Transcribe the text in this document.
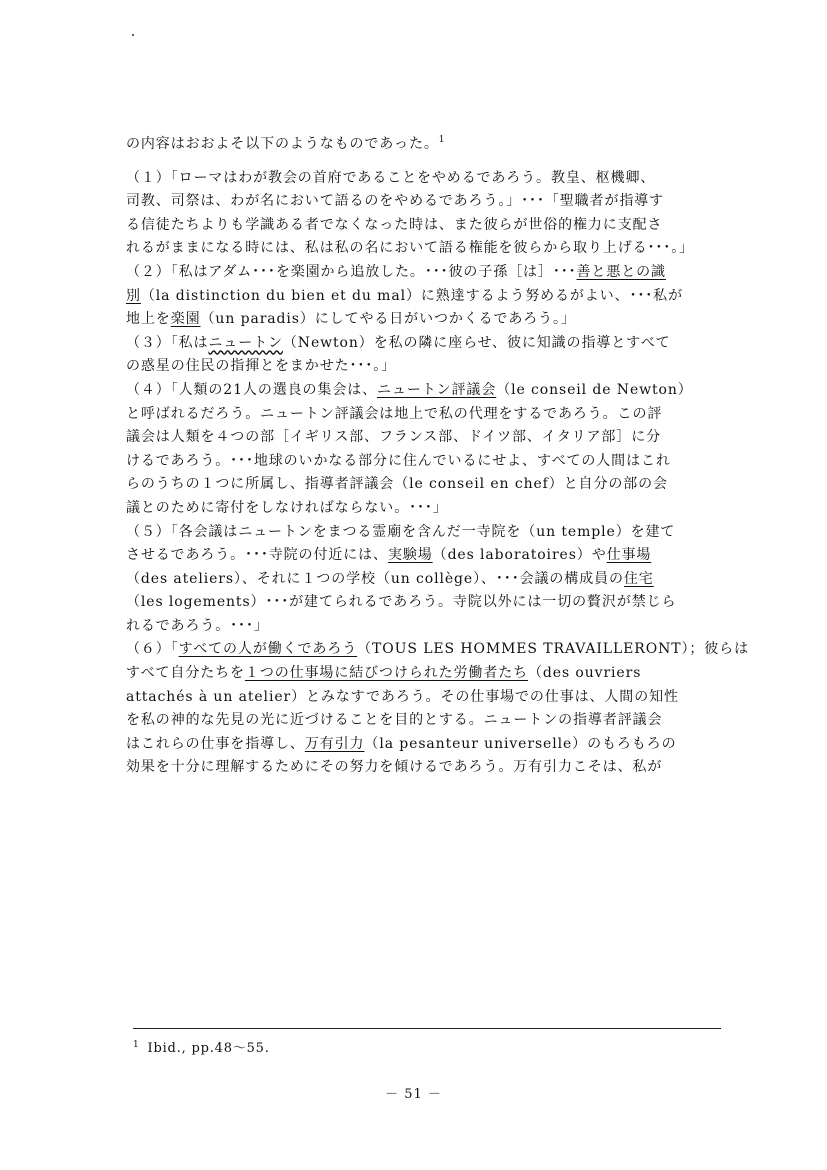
の内容はおおよそ以下のようなものであった。$^1$
（１）「ローマはわが教会の首府であることをやめるであろう。教皇、枢機卿、
司教、司祭は、わが名において語るのをやめるであろう。」･･･「聖職者が指導す
る信徒たちよりも学識ある者でなくなった時は、また彼らが世俗的権力に支配さ
れるがままになる時には、私は私の名において語る権能を彼らから取り上げる･･･。」
（２）「私はアダム･･･を楽園から追放した。･･･彼の子孫［は］･･･善と悪との識
別（la distinction du bien et du mal）に熟達するよう努めるがよい、･･･私が
地上を楽園（un paradis）にしてやる日がいつかくるであろう。」
（３）「私はニュートン（Newton）を私の隣に座らせ、彼に知識の指導とすべて
の惑星の住民の指揮とをまかせた･･･。」
（４）「人類の21人の選良の集会は、ニュートン評議会（le conseil de Newton）
と呼ばれるだろう。ニュートン評議会は地上で私の代理をするであろう。この評
議会は人類を４つの部［イギリス部、フランス部、ドイツ部、イタリア部］に分
けるであろう。･･･地球のいかなる部分に住んでいるにせよ、すべての人間はこれ
らのうちの１つに所属し、指導者評議会（le conseil en chef）と自分の部の会
議とのために寄付をしなければならない。･･･」
（５）「各会議はニュートンをまつる霊廟を含んだ一寺院を（un temple）を建て
させるであろう。･･･寺院の付近には、実験場（des laboratoires）や仕事場
（des ateliers）、それに１つの学校（un collège）、･･･会議の構成員の住宅
（les logements）･･･が建てられるであろう。寺院以外には一切の贅沢が禁じら
れるであろう。･･･」
（６）「すべての人が働くであろう（TOUS LES HOMMES TRAVAILLERONT）；彼らは
すべて自分たちを１つの仕事場に結びつけられた労働者たち（des ouvriers
attachés à un atelier）とみなすであろう。その仕事場での仕事は、人間の知性
を私の神的な先見の光に近づけることを目的とする。ニュートンの指導者評議会
はこれらの仕事を指導し、万有引力（la pesanteur universelle）のもろもろの
効果を十分に理解するためにその努力を傾けるであろう。万有引力こそは、私が
$^1$ Ibid., pp.48～55.
－ 51 －
